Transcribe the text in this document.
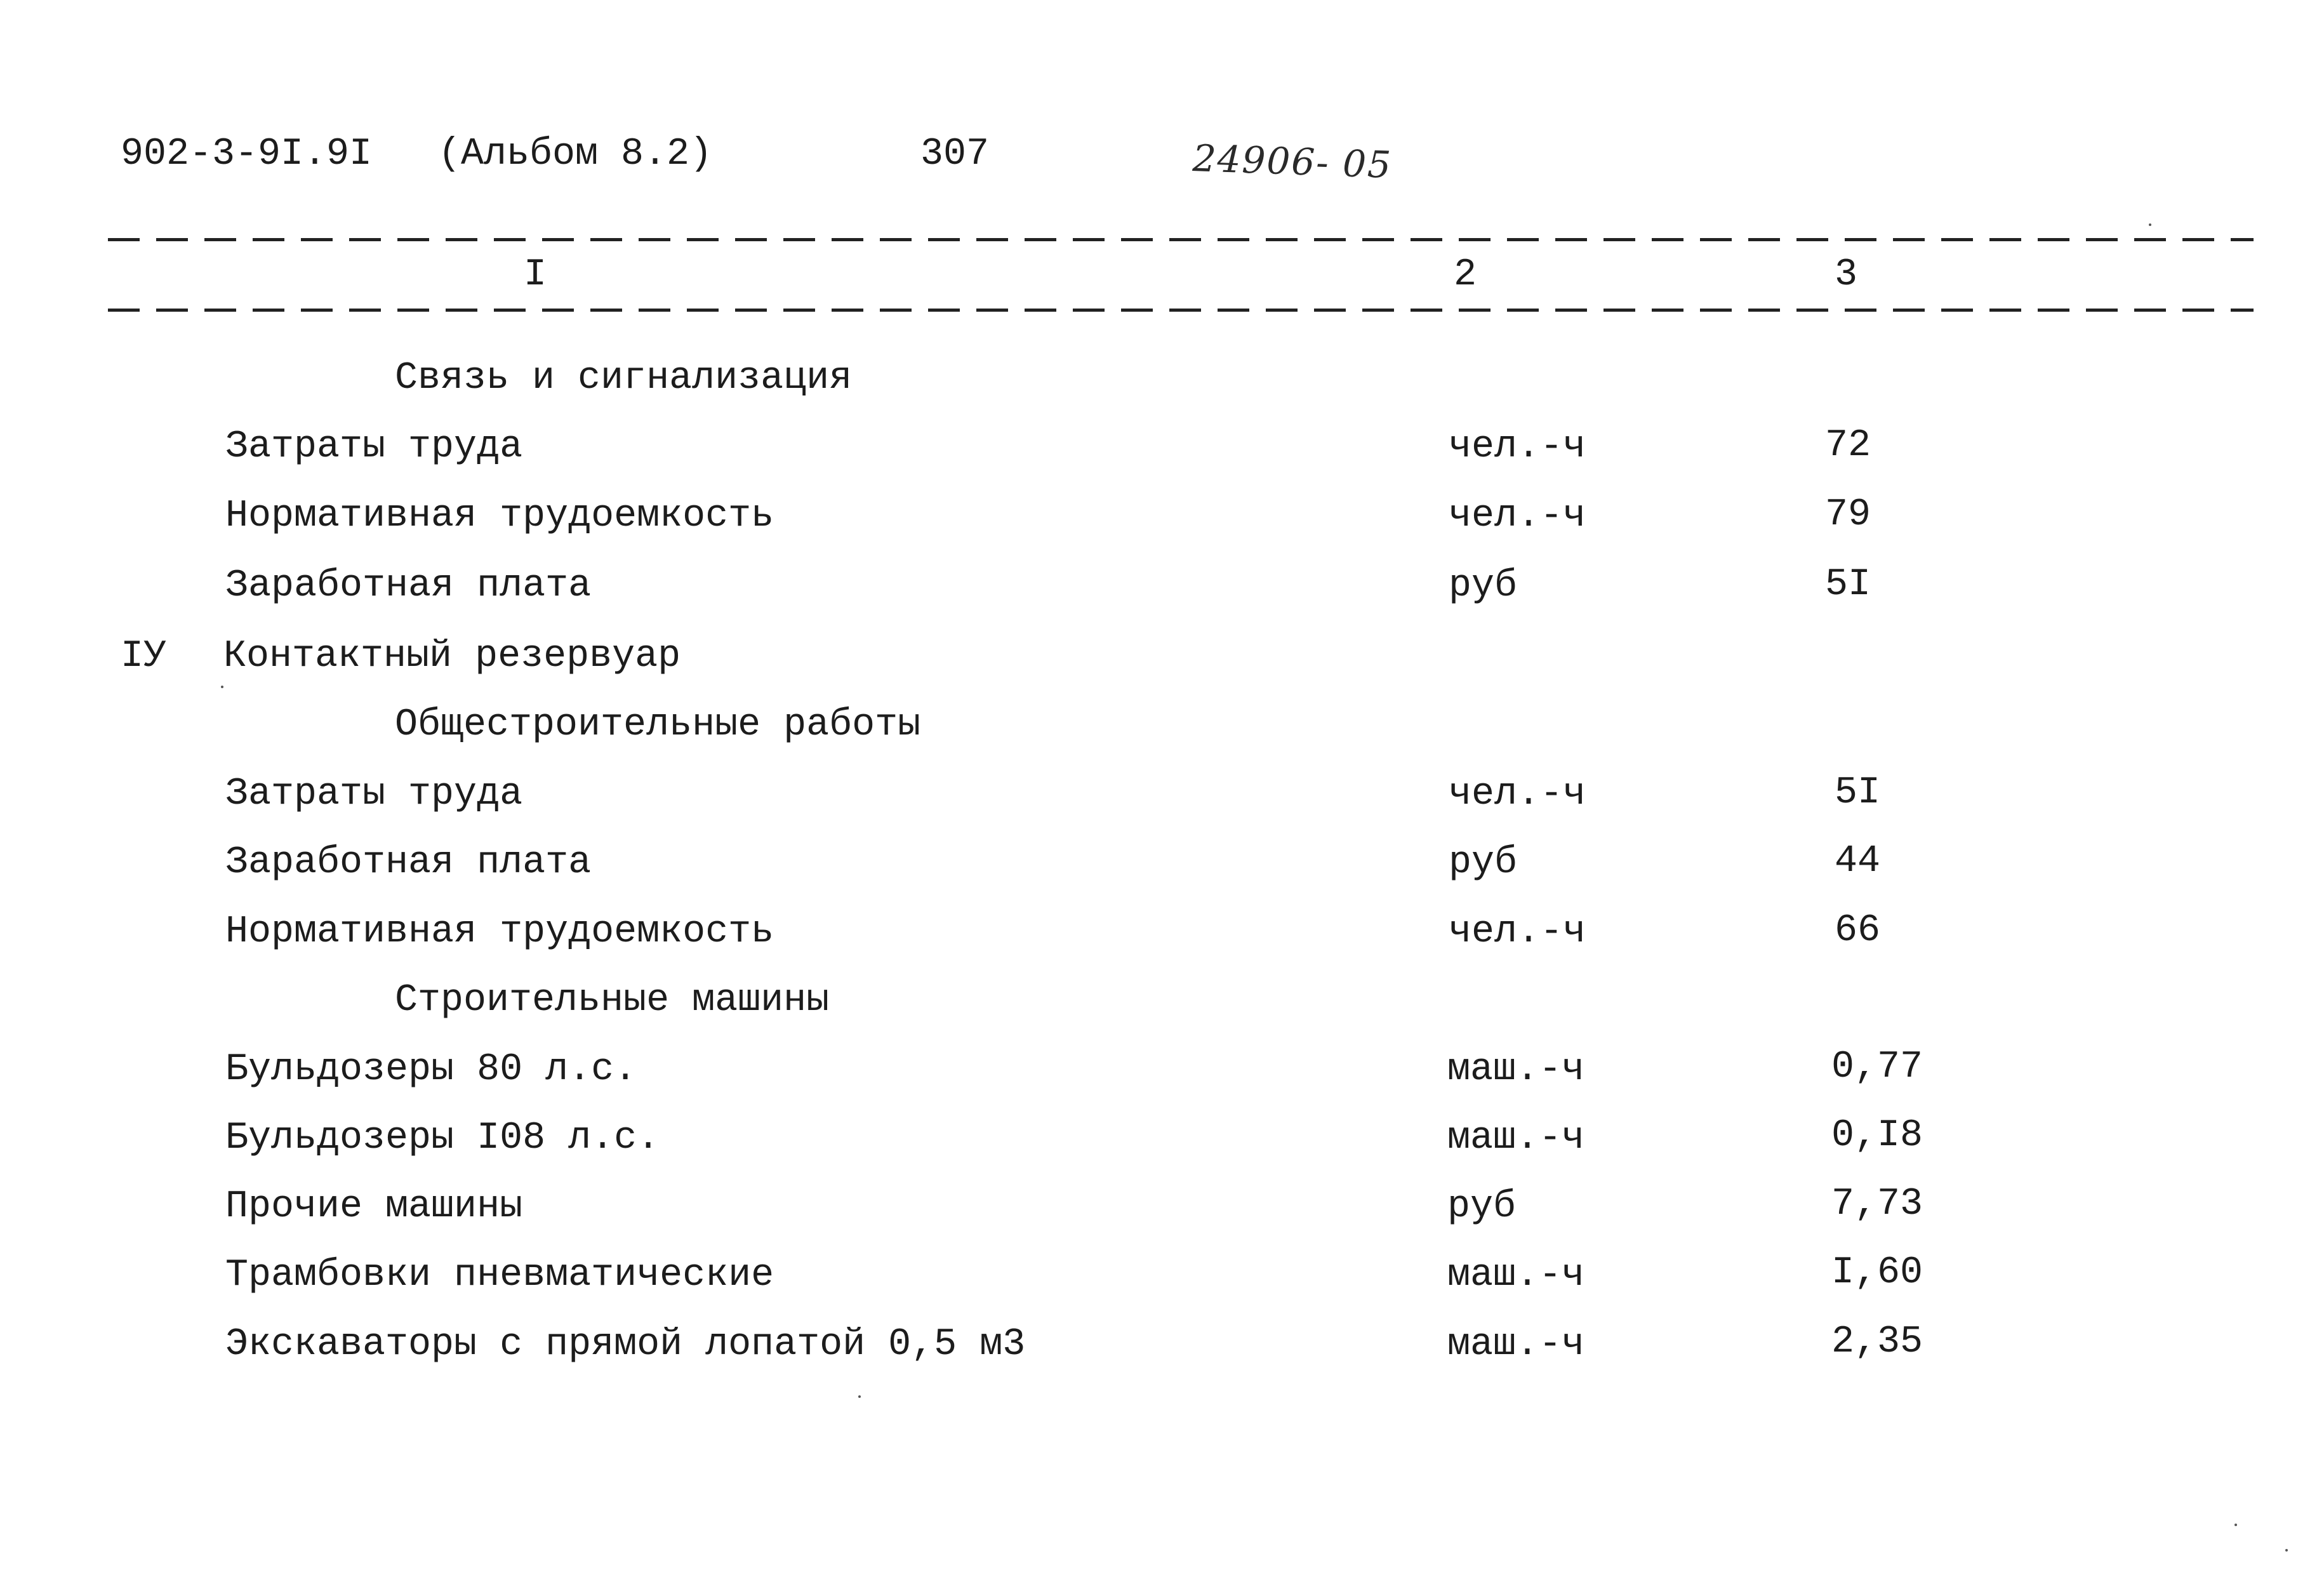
902-3-9I.9I (Альбом 8.2)	307	24906- 05
I	2	3
Связь и сигнализация
Затраты труда	чел.-ч	72
Нормативная трудоемкость	чел.-ч	79
Заработная плата	руб	5I
IУ Контактный резервуар
Общестроительные работы
Затраты труда	чел.-ч	5I
Заработная плата	руб	44
Нормативная трудоемкость	чел.-ч	66
Строительные машины
Бульдозеры 80 л.с.	маш.-ч	0,77
Бульдозеры I08 л.с.	маш.-ч	0,I8
Прочие машины	руб	7,73
Трамбовки пневматические	маш.-ч	I,60
Экскаваторы с прямой лопатой 0,5 м3	маш.-ч	2,35
